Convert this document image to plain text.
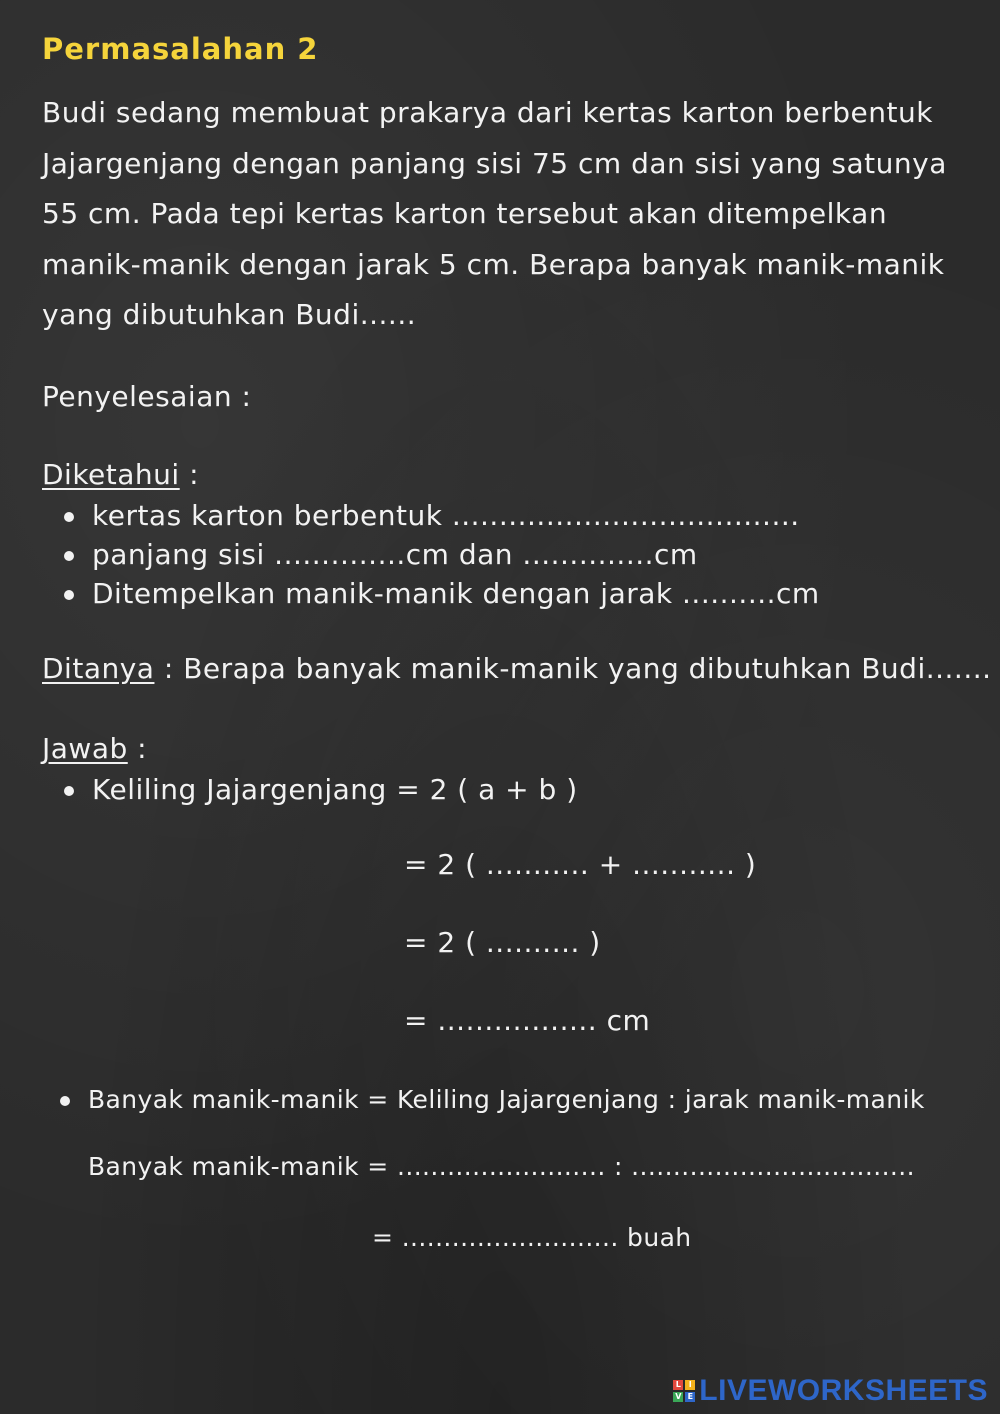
Permasalahan 2
Budi sedang membuat prakarya dari kertas karton berbentuk
Jajargenjang dengan panjang sisi 75 cm dan sisi yang satunya
55 cm. Pada tepi kertas karton tersebut akan ditempelkan
manik-manik dengan jarak 5 cm. Berapa banyak manik-manik
yang dibutuhkan Budi......
Penyelesaian :
Diketahui :
kertas karton berbentuk .....................................
panjang sisi ..............cm dan ..............cm
Ditempelkan manik-manik dengan jarak ..........cm
Ditanya : Berapa banyak manik-manik yang dibutuhkan Budi.......
Jawab :
Keliling Jajargenjang = 2 ( a + b )
= 2 ( ........... + ........... )
= 2 ( .......... )
= ................. cm
Banyak manik-manik = Keliling Jajargenjang : jarak manik-manik
Banyak manik-manik = ......................... : ..................................
= .......................... buah
L I
V E LIVEWORKSHEETS
